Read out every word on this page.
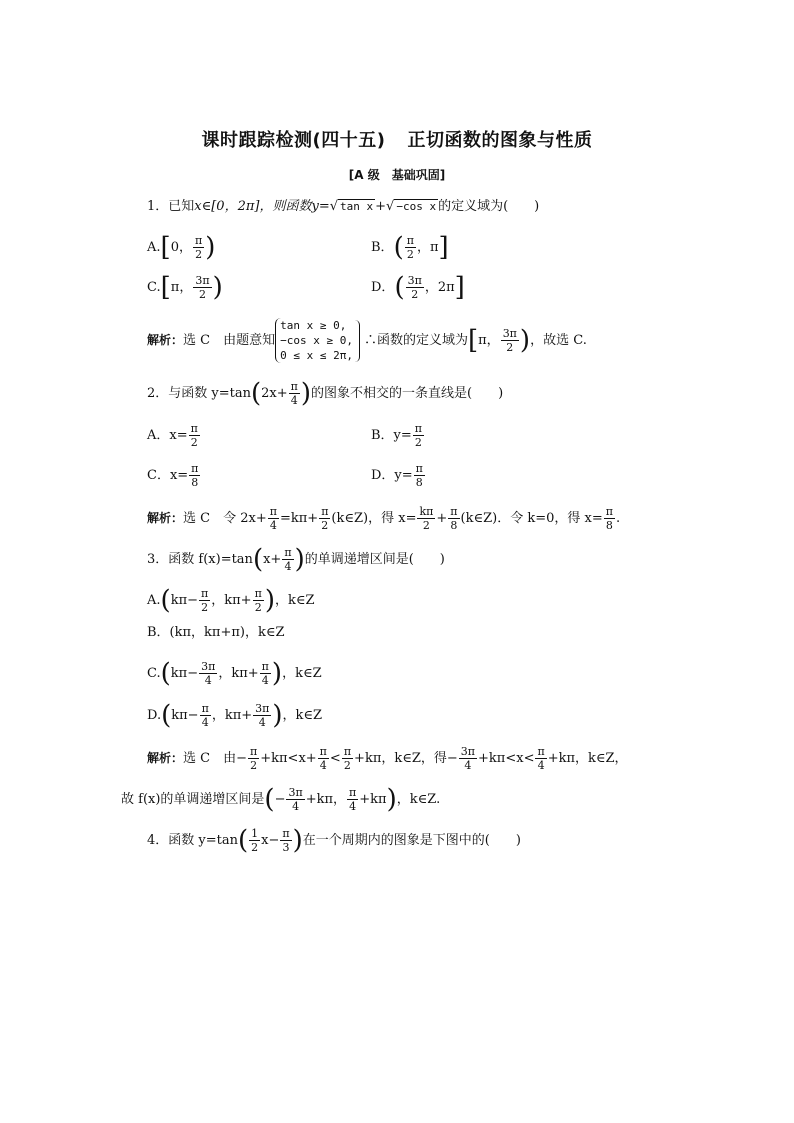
课时跟踪检测(四十五) 正切函数的图象与性质
[A 级　基础巩固]
1．已知x∈[0，2π]，则函数y=√ tan x +√ −cos x 的定义域为(　　)
A.[0， $\frac{\pi}{2}$ )	B．( $\frac{\pi}{2}$ ，π]
C.[π， $\frac{3\pi}{2}$ )	D．( $\frac{3\pi}{2}$ ，2π]
解析：选 C　由题意知
tan x ≥ 0,
−cos x ≥ 0,
0 ≤ x ≤ 2π,
∴函数的定义域为[π， $\frac{3\pi}{2}$ )，故选 C.
2．与函数 $y=\tan(2x+ \frac{\pi}{4}$ )的图象不相交的一条直线是(　　)
A．$x= \frac{\pi}{2}$	B．$y= \frac{\pi}{2}$
C．$x= \frac{\pi}{8}$	D．$y= \frac{\pi}{8}$
解析：选 C　令 $2x+ \frac{\pi}{4} =k\pi+ \frac{\pi}{2}$ (k∈Z)，得 $x= \frac{k\pi}{2} + \frac{\pi}{8}$ (k∈Z)．令 k=0，得 $x= \frac{\pi}{8}$ .
3．函数 $f(x)=\tan(x+ \frac{\pi}{4}$ )的单调递增区间是(　　)
$A.(k\pi- \frac{\pi}{2}$ ，$k\pi+ \frac{\pi}{2}$ )，k∈Z
B．(kπ，kπ+π)，k∈Z
$C.(k\pi- \frac{3\pi}{4}$ ，$k\pi+ \frac{\pi}{4}$ )，k∈Z
$D.(k\pi- \frac{\pi}{4}$ ，$k\pi+ \frac{3\pi}{4}$ )，k∈Z
解析：选 C　由− $\frac{\pi}{2} +k\pi<x+ \frac{\pi}{4} < \frac{\pi}{2} +k\pi$，k∈Z，得− $\frac{3\pi}{4} +k\pi<x< \frac{\pi}{4} +k\pi$，k∈Z，
故 f(x)的单调递增区间是(− $\frac{3\pi}{4} +k\pi$， $\frac{\pi}{4} +k\pi$)，k∈Z.
4．函数 $y=\tan( \frac{1}{2} x- \frac{\pi}{3}$ )在一个周期内的图象是下图中的(　　)
